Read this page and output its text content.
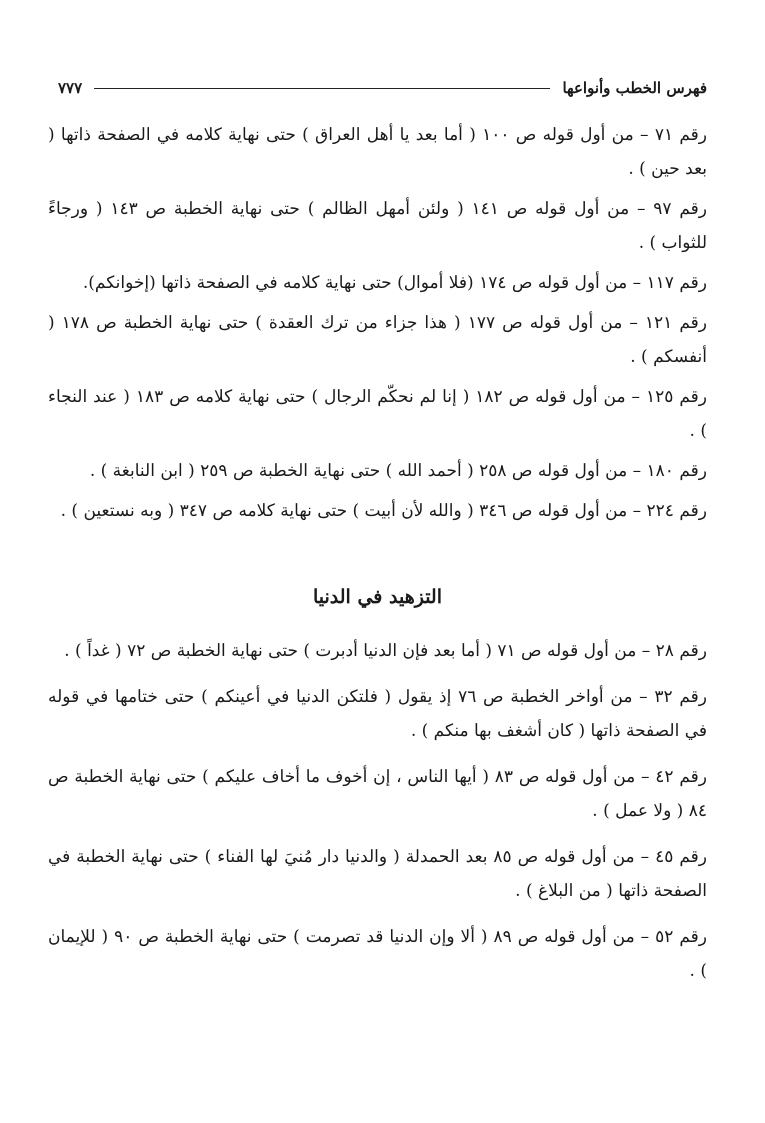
فهرس الخطب وأنواعها
٧٧٧

رقم ٧١ – من أول قوله ص ١٠٠ ( أما بعد يا أهل العراق ) حتى نهاية كلامه في الصفحة ذاتها ( بعد حين ) .

رقم ٩٧ – من أول قوله ص ١٤١ ( ولئن أمهل الظالم ) حتى نهاية الخطبة ص ١٤٣ ( ورجاءً للثواب ) .

رقم ١١٧ – من أول قوله ص ١٧٤ (فلا أموال) حتى نهاية كلامه في الصفحة ذاتها (إخوانكم).

رقم ١٢١ – من أول قوله ص ١٧٧ ( هذا جزاء من ترك العقدة ) حتى نهاية الخطبة ص ١٧٨ ( أنفسكم ) .

رقم ١٢٥ – من أول قوله ص ١٨٢ ( إنا لم نحكّم الرجال ) حتى نهاية كلامه ص ١٨٣ ( عند النجاء ) .

رقم ١٨٠ – من أول قوله ص ٢٥٨ ( أحمد الله ) حتى نهاية الخطبة ص ٢٥٩ ( ابن النابغة ) .

رقم ٢٢٤ – من أول قوله ص ٣٤٦ ( والله لأن أبيت ) حتى نهاية كلامه ص ٣٤٧ ( وبه نستعين ) .

التزهيد في الدنيا

رقم ٢٨ – من أول قوله ص ٧١ ( أما بعد فإن الدنيا أدبرت ) حتى نهاية الخطبة ص ٧٢ ( غداً ) .

رقم ٣٢ – من أواخر الخطبة ص ٧٦ إذ يقول ( فلتكن الدنيا في أعينكم ) حتى ختامها في قوله في الصفحة ذاتها ( كان أشغف بها منكم ) .

رقم ٤٢ – من أول قوله ص ٨٣ ( أيها الناس ، إن أخوف ما أخاف عليكم ) حتى نهاية الخطبة ص ٨٤ ( ولا عمل ) .

رقم ٤٥ – من أول قوله ص ٨٥ بعد الحمدلة ( والدنيا دار مُنيَ لها الفناء ) حتى نهاية الخطبة في الصفحة ذاتها ( من البلاغ ) .

رقم ٥٢ – من أول قوله ص ٨٩ ( ألا وإن الدنيا قد تصرمت ) حتى نهاية الخطبة ص ٩٠ ( للإيمان ) .
